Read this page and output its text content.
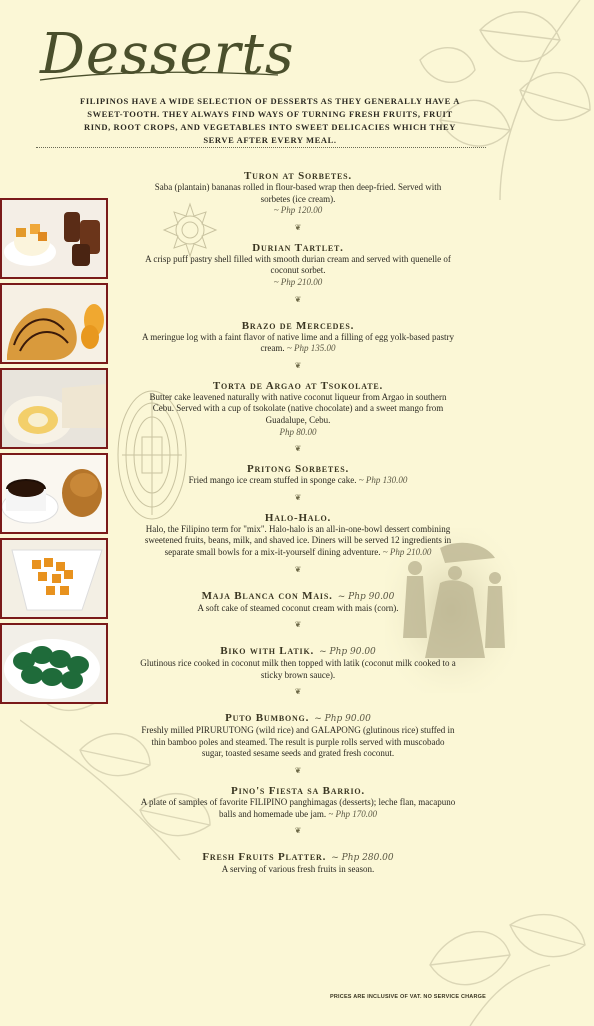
Desserts
FILIPINOS HAVE A WIDE SELECTION OF DESSERTS AS THEY GENERALLY HAVE A SWEET-TOOTH. THEY ALWAYS FIND WAYS OF TURNING FRESH FRUITS, FRUIT RIND, ROOT CROPS, AND VEGETABLES INTO SWEET DELICACIES WHICH THEY SERVE AFTER EVERY MEAL.
Turon at Sorbetes.
Saba (plantain) bananas rolled in flour-based wrap then deep-fried. Served with sorbetes (ice cream).
~ Php 120.00
❦
Durian Tartlet.
A crisp puff pastry shell filled with smooth durian cream and served with quenelle of coconut sorbet.
~ Php 210.00
❦
Brazo de Mercedes.
A meringue log with a faint flavor of native lime and a filling of egg yolk-based pastry cream. ~ Php 135.00
❦
Torta de Argao at Tsokolate.
Butter cake leavened naturally with native coconut liqueur from Argao in southern Cebu. Served with a cup of tsokolate (native chocolate) and a sweet mango from Guadalupe, Cebu.
Php 80.00
❦
Pritong Sorbetes.
Fried mango ice cream stuffed in sponge cake. ~ Php 130.00
❦
Halo-Halo.
Halo, the Filipino term for "mix". Halo-halo is an all-in-one-bowl dessert combining sweetened fruits, beans, milk, and shaved ice. Diners will be served 12 ingredients in separate small bowls for a mix-it-yourself dining adventure. ~ Php 210.00
❦
Maja Blanca con Mais. ~ Php 90.00
A soft cake of steamed coconut cream with mais (corn).
❦
Biko with Latik. ~ Php 90.00
Glutinous rice cooked in coconut milk then topped with latik (coconut milk cooked to a sticky brown sauce).
❦
Puto Bumbong. ~ Php 90.00
Freshly milled PIRURUTONG (wild rice) and GALAPONG (glutinous rice) stuffed in thin bamboo poles and steamed. The result is purple rolls served with muscobado sugar, toasted sesame seeds and grated fresh coconut.
❦
Pino's Fiesta sa Barrio.
A plate of samples of favorite FILIPINO panghimagas (desserts); leche flan, macapuno balls and homemade ube jam. ~ Php 170.00
❦
Fresh Fruits Platter. ~ Php 280.00
A serving of various fresh fruits in season.
PRICES ARE INCLUSIVE OF VAT. NO SERVICE CHARGE
